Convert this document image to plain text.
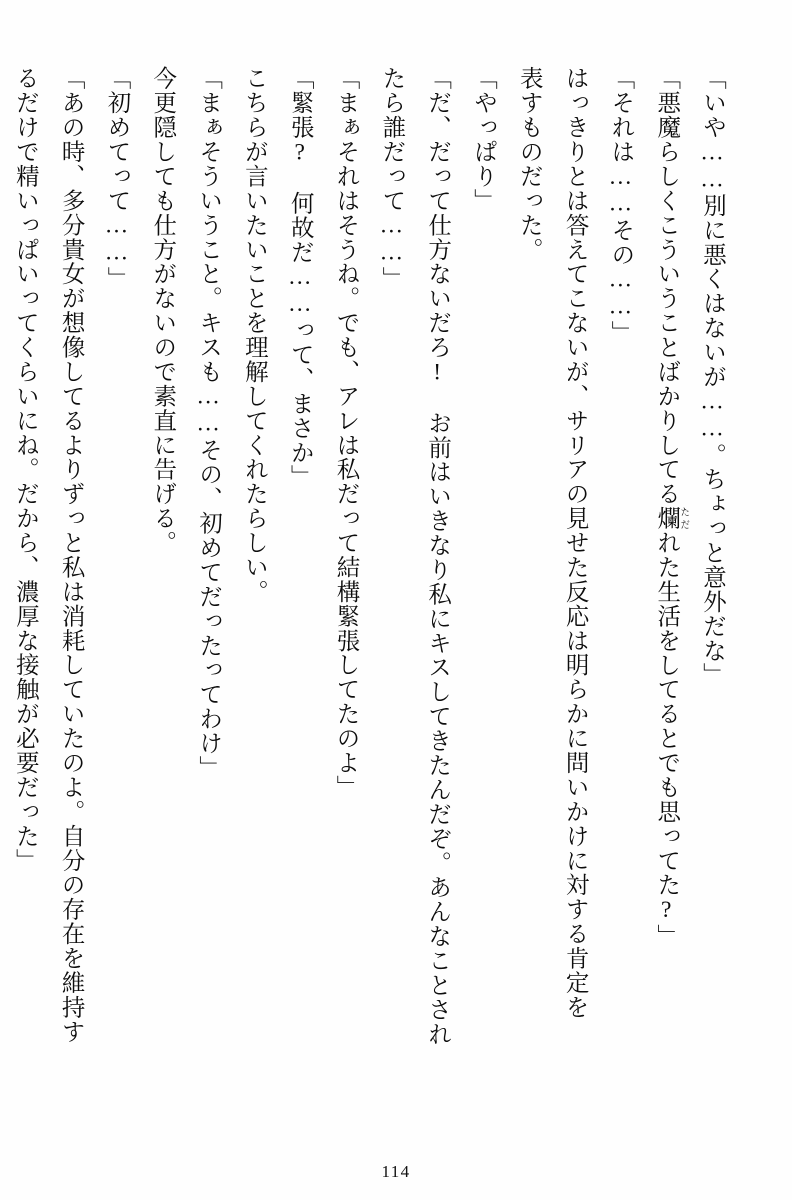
「いや……別に悪くはないが……。ちょっと意外だな」
「悪魔らしくこういうことばかりしてる爛 ただれた生活をしてるとでも思ってた?」
「それは……その……」
はっきりとは答えてこないが、サリアの見せた反応は明らかに問いかけに対する肯定を
表すものだった。
「やっぱり」
「だ、だって仕方ないだろ!　お前はいきなり私にキスしてきたんだぞ。あんなことされ
たら誰だって……」
「まぁそれはそうね。でも、アレは私だって結構緊張してたのよ」
「緊張?　何故だ……って、まさか」
こちらが言いたいことを理解してくれたらしい。
「まぁそういうこと。キスも……その、初めてだったってわけ」
今更隠しても仕方がないので素直に告げる。
「初めてって……」
「あの時、多分貴女が想像してるよりずっと私は消耗していたのよ。自分の存在を維持す
るだけで精いっぱいってくらいにね。だから、濃厚な接触が必要だった」
114
